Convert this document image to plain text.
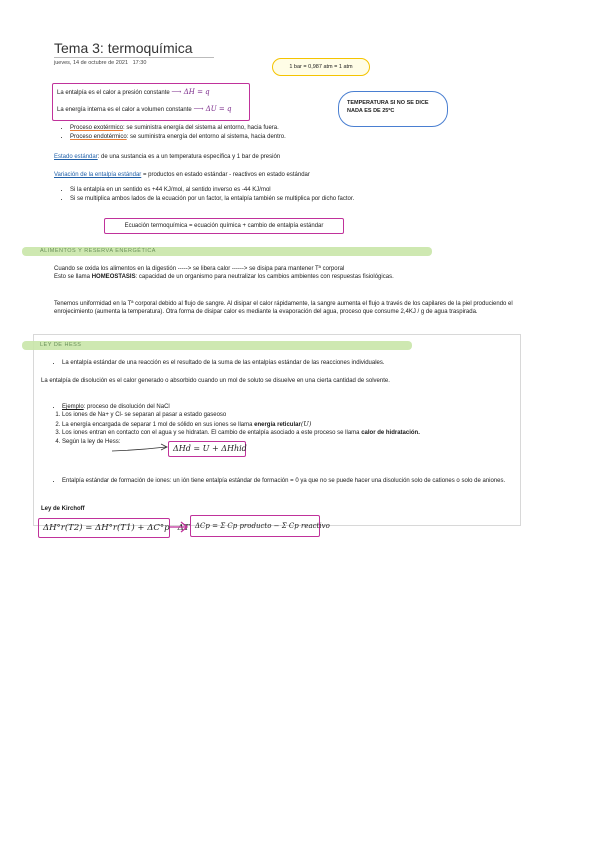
Tema 3: termoquímica
jueves, 14 de octubre de 2021 17:30
1 bar = 0,987 atm = 1 atm
TEMPERATURA SI NO SE DICE NADA ES DE 25ºC
La entalpía es el calor a presión constante ⟶ ΔH = q
La energía interna es el calor a volumen constante ⟶ ΔU = q
• Proceso exotérmico: se suministra energía del sistema al entorno, hacia fuera.
• Proceso endotérmico: se suministra energía del entorno al sistema, hacia dentro.
Estado estándar: de una sustancia es a un temperatura específica y 1 bar de presión
Variación de la entalpía estándar = productos en estado estándar - reactivos en estado estándar
• Si la entalpía en un sentido es +44 KJ/mol, al sentido inverso es -44 KJ/mol
• Si se multiplica ambos lados de la ecuación por un factor, la entalpía también se multiplica por dicho factor.
Ecuación termoquímica = ecuación química + cambio de entalpía estándar
ALIMENTOS Y RESERVA ENERGÉTICA
Cuando se oxida los alimentos en la digestión -----> se libera calor ------> se disipa para mantener Tª corporal
Esto se llama HOMEOSTASIS: capacidad de un organismo para neutralizar los cambios ambientes con respuestas fisiológicas.
Tenemos uniformidad en la Tª corporal debido al flujo de sangre. Al disipar el calor rápidamente, la sangre aumenta el flujo a través de los capilares de la piel produciendo el enrojecimiento (aumenta la temperatura). Otra forma de disipar calor es mediante la evaporación del agua, proceso que consume 2,4KJ / g de agua traspirada.
LEY DE HESS
• La entalpía estándar de una reacción es el resultado de la suma de las entalpías estándar de las reacciones individuales.
La entalpía de disolución es el calor generado o absorbido cuando un mol de soluto se disuelve en una cierta cantidad de solvente.
• Ejemplo: proceso de disolución del NaCl
1. Los iones de Na+ y Cl- se separan al pasar a estado gaseoso
2. La energía encargada de separar 1 mol de sólido en sus iones se llama energía reticular(U)
3. Los iones entran en contacto con el agua y se hidratan. El cambio de entalpía asociado a este proceso se llama calor de hidratación.
4. Según la ley de Hess:
ΔHd = U + ΔHhid
• Entalpía estándar de formación de iones: un ión tiene entalpía estándar de formación = 0 ya que no se puede hacer una disolución solo de cationes o solo de aniones.
Ley de Kirchoff
ΔH°r(T2) = ΔH°r(T1) + ΔC°p · ΔT ΔCp = Σ Cp producto − Σ Cp reactivo
